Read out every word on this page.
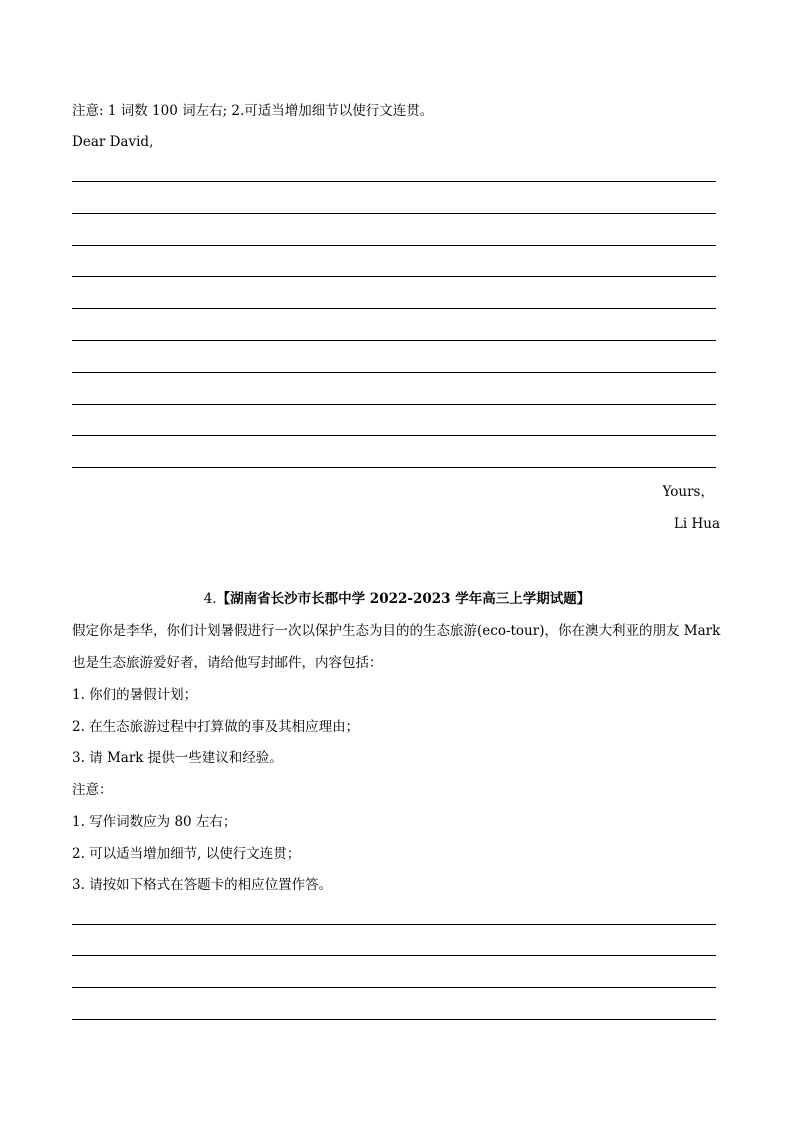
注意: 1 词数 100 词左右; 2.可适当增加细节以使行文连贯。
Dear David,
Yours，
Li Hua
4.【湖南省长沙市长郡中学 2022-2023 学年高三上学期试题】
假定你是李华，你们计划暑假进行一次以保护生态为目的的生态旅游(eco-tour)，你在澳大利亚的朋友 Mark
也是生态旅游爱好者，请给他写封邮件，内容包括：
1. 你们的暑假计划；
2. 在生态旅游过程中打算做的事及其相应理由；
3. 请 Mark 提供一些建议和经验。
注意：
1. 写作词数应为 80 左右；
2. 可以适当增加细节, 以使行文连贯；
3. 请按如下格式在答题卡的相应位置作答。
